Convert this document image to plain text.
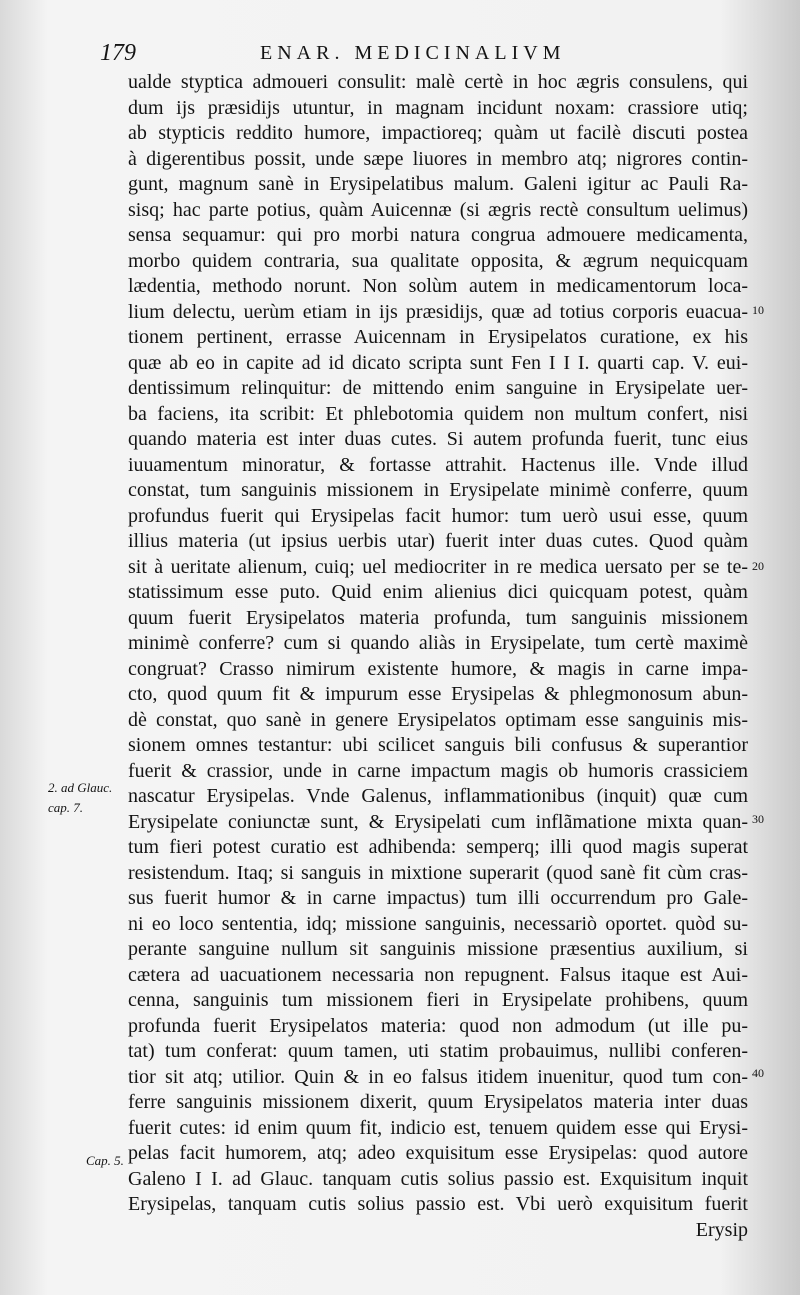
179	ENAR. MEDICINALIVM
ualde styptica admoueri consulit: malè certè in hoc ægris consulens, qui
dum ijs præsidijs utuntur, in magnam incidunt noxam: crassiore utiq;
ab stypticis reddito humore, impactioreq; quàm ut facilè discuti postea
à digerentibus possit, unde sæpe liuores in membro atq; nigrores contin-
gunt, magnum sanè in Erysipelatibus malum. Galeni igitur ac Pauli Ra-
sisq; hac parte potius, quàm Auicennæ (si ægris rectè consultum uelimus)
sensa sequamur: qui pro morbi natura congrua admouere medicamenta,
morbo quidem contraria, sua qualitate opposita, & ægrum nequicquam
lædentia, methodo norunt. Non solùm autem in medicamentorum loca-
lium delectu, uerùm etiam in ijs præsidijs, quæ ad totius corporis euacua-
tionem pertinent, errasse Auicennam in Erysipelatos curatione, ex his
quæ ab eo in capite ad id dicato scripta sunt Fen I I I. quarti cap. V. eui-
dentissimum relinquitur: de mittendo enim sanguine in Erysipelate uer-
ba faciens, ita scribit: Et phlebotomia quidem non multum confert, nisi
quando materia est inter duas cutes. Si autem profunda fuerit, tunc eius
iuuamentum minoratur, & fortasse attrahit. Hactenus ille. Vnde illud
constat, tum sanguinis missionem in Erysipelate minimè conferre, quum
profundus fuerit qui Erysipelas facit humor: tum uerò usui esse, quum
illius materia (ut ipsius uerbis utar) fuerit inter duas cutes. Quod quàm
sit à ueritate alienum, cuiq; uel mediocriter in re medica uersato per se te-
statissimum esse puto. Quid enim alienius dici quicquam potest, quàm
quum fuerit Erysipelatos materia profunda, tum sanguinis missionem
minimè conferre? cum si quando aliàs in Erysipelate, tum certè maximè
congruat? Crasso nimirum existente humore, & magis in carne impa-
cto, quod quum fit & impurum esse Erysipelas & phlegmonosum abun-
dè constat, quo sanè in genere Erysipelatos optimam esse sanguinis mis-
sionem omnes testantur: ubi scilicet sanguis bili confusus & superantior
fuerit & crassior, unde in carne impactum magis ob humoris crassiciem
nascatur Erysipelas. Vnde Galenus, inflammationibus (inquit) quæ cum
Erysipelate coniunctæ sunt, & Erysipelati cum inflãmatione mixta quan-
tum fieri potest curatio est adhibenda: semperq; illi quod magis superat
resistendum. Itaq; si sanguis in mixtione superarit (quod sanè fit cùm cras-
sus fuerit humor & in carne impactus) tum illi occurrendum pro Gale-
ni eo loco sententia, idq; missione sanguinis, necessariò oportet. quòd su-
perante sanguine nullum sit sanguinis missione præsentius auxilium, si
cætera ad uacuationem necessaria non repugnent. Falsus itaque est Aui-
cenna, sanguinis tum missionem fieri in Erysipelate prohibens, quum
profunda fuerit Erysipelatos materia: quod non admodum (ut ille pu-
tat) tum conferat: quum tamen, uti statim probauimus, nullibi conferen-
tior sit atq; utilior. Quin & in eo falsus itidem inuenitur, quod tum con-
ferre sanguinis missionem dixerit, quum Erysipelatos materia inter duas
fuerit cutes: id enim quum fit, indicio est, tenuem quidem esse qui Erysi-
pelas facit humorem, atq; adeo exquisitum esse Erysipelas: quod autore
Galeno I I. ad Glauc. tanquam cutis solius passio est. Exquisitum inquit
Erysipelas, tanquam cutis solius passio est. Vbi uerò exquisitum fuerit
Erysip
2. ad Glauc.
cap. 7.
Cap. 5.
10
20
30
40
